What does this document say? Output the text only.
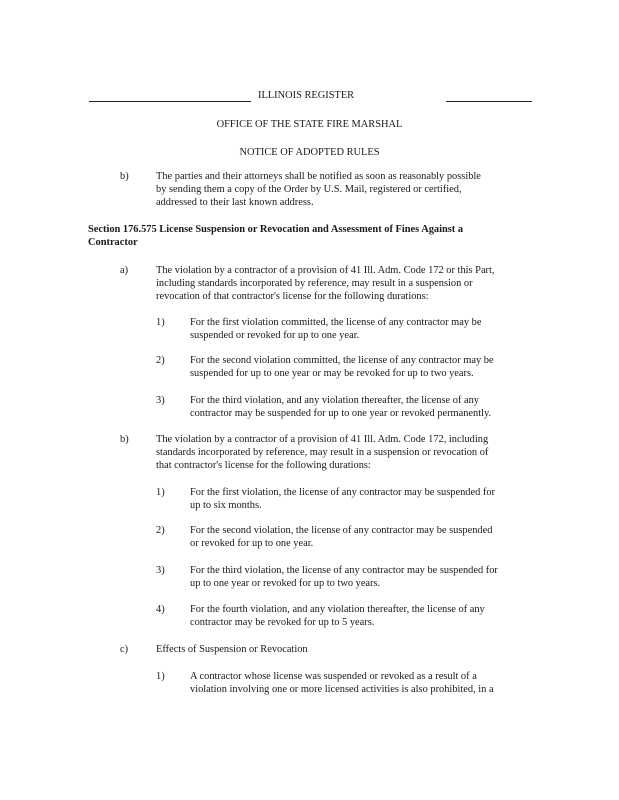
ILLINOIS REGISTER
OFFICE OF THE STATE FIRE MARSHAL
NOTICE OF ADOPTED RULES
b)	The parties and their attorneys shall be notified as soon as reasonably possible
by sending them a copy of the Order by U.S. Mail, registered or certified,
addressed to their last known address.
Section 176.575 License Suspension or Revocation and Assessment of Fines Against a
Contractor
a)	The violation by a contractor of a provision of 41 Ill. Adm. Code 172 or this Part,
including standards incorporated by reference, may result in a suspension or
revocation of that contractor's license for the following durations:
1) For the first violation committed, the license of any contractor may be
suspended or revoked for up to one year.
2) For the second violation committed, the license of any contractor may be
suspended for up to one year or may be revoked for up to two years.
3) For the third violation, and any violation thereafter, the license of any
contractor may be suspended for up to one year or revoked permanently.
b)	The violation by a contractor of a provision of 41 Ill. Adm. Code 172, including
standards incorporated by reference, may result in a suspension or revocation of
that contractor's license for the following durations:
1) For the first violation, the license of any contractor may be suspended for
up to six months.
2) For the second violation, the license of any contractor may be suspended
or revoked for up to one year.
3) For the third violation, the license of any contractor may be suspended for
up to one year or revoked for up to two years.
4) For the fourth violation, and any violation thereafter, the license of any
contractor may be revoked for up to 5 years.
c)	Effects of Suspension or Revocation
1) A contractor whose license was suspended or revoked as a result of a
violation involving one or more licensed activities is also prohibited, in a
